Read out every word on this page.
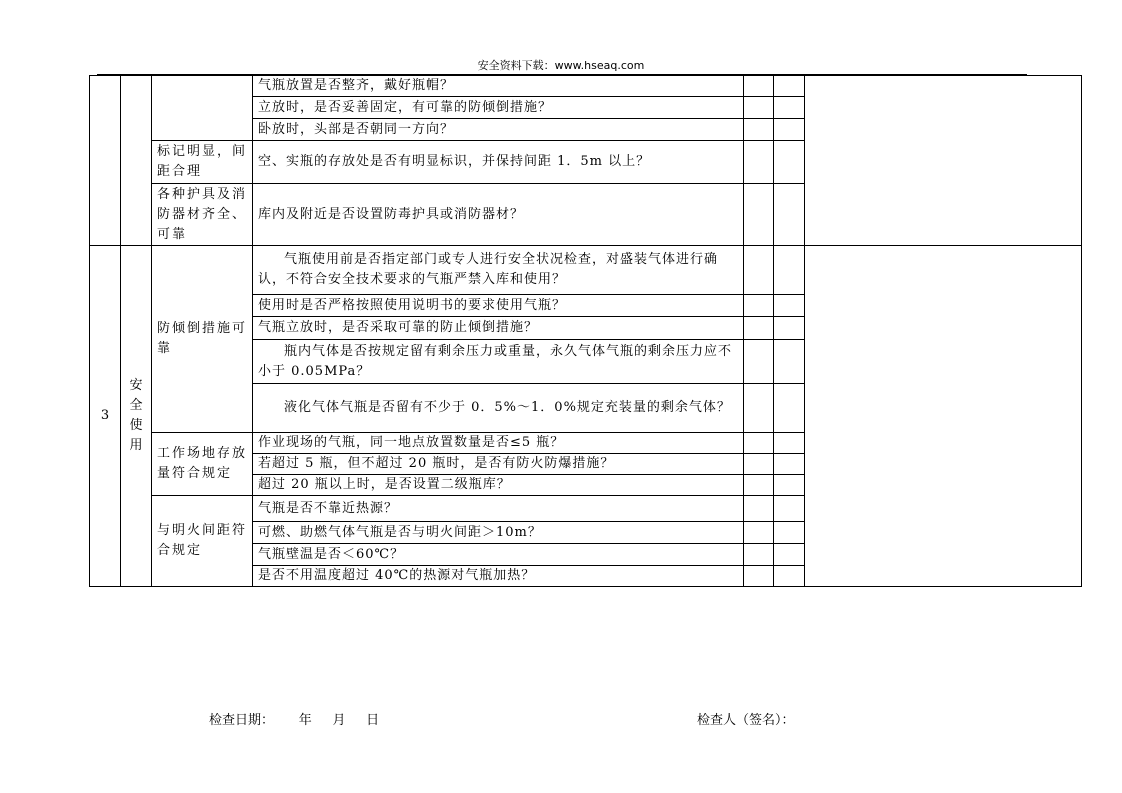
安全资料下载：www.hseaq.com
			气瓶放置是否整齐，戴好瓶帽？			
			立放时，是否妥善固定，有可靠的防倾倒措施？			
			卧放时，头部是否朝同一方向？			
		标记明显，间距合理	空、实瓶的存放处是否有明显标识，并保持间距 1．5m 以上？			
		各种护具及消防器材齐全、可靠	库内及附近是否设置防毒护具或消防器材？			
3	安全使用	防倾倒措施可靠	气瓶使用前是否指定部门或专人进行安全状况检查，对盛装气体进行确认，不符合安全技术要求的气瓶严禁入库和使用？			
			使用时是否严格按照使用说明书的要求使用气瓶？			
			气瓶立放时，是否采取可靠的防止倾倒措施？			
			瓶内气体是否按规定留有剩余压力或重量，永久气体气瓶的剩余压力应不小于 0.05MPa？			
			液化气体气瓶是否留有不少于 0．5%～1．0%规定充装量的剩余气体？			
		工作场地存放量符合规定	作业现场的气瓶，同一地点放置数量是否≤5 瓶？			
			若超过 5 瓶，但不超过 20 瓶时，是否有防火防爆措施？			
			超过 20 瓶以上时，是否设置二级瓶库？			
		与明火间距符合规定	气瓶是否不靠近热源？			
			可燃、助燃气体气瓶是否与明火间距＞10m？			
			气瓶壁温是否＜60℃？			
			是否不用温度超过 40℃的热源对气瓶加热？			
检查日期：      年     月     日	检查人（签名）：
